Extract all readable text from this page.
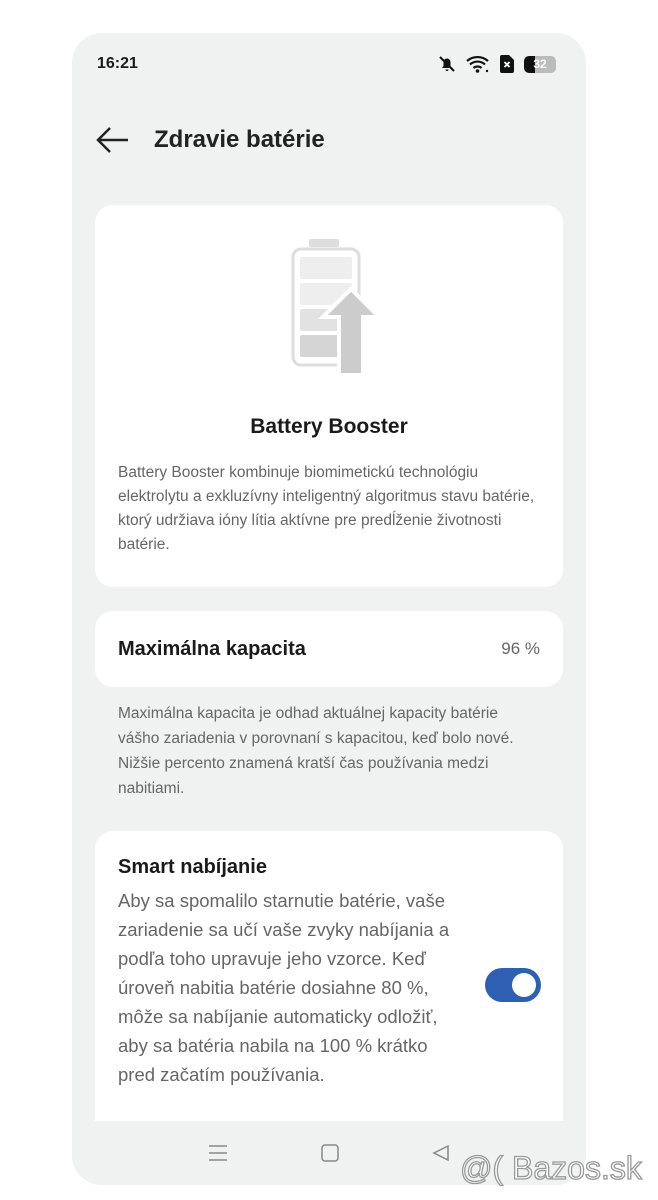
16:21	32
Zdravie batérie
Battery Booster
Battery Booster kombinuje biomimetickú technológiu elektrolytu a exkluzívny inteligentný algoritmus stavu batérie, ktorý udržiava ióny lítia aktívne pre predĺženie životnosti batérie.
Maximálna kapacita	96 %
Maximálna kapacita je odhad aktuálnej kapacity batérie vášho zariadenia v porovnaní s kapacitou, keď bolo nové. Nižšie percento znamená kratší čas používania medzi nabitiami.
Smart nabíjanie
Aby sa spomalilo starnutie batérie, vaše zariadenie sa učí vaše zvyky nabíjania a podľa toho upravuje jeho vzorce. Keď úroveň nabitia batérie dosiahne 80 %, môže sa nabíjanie automaticky odložiť, aby sa batéria nabila na 100 % krátko pred začatím používania.
@( Bazos.sk
